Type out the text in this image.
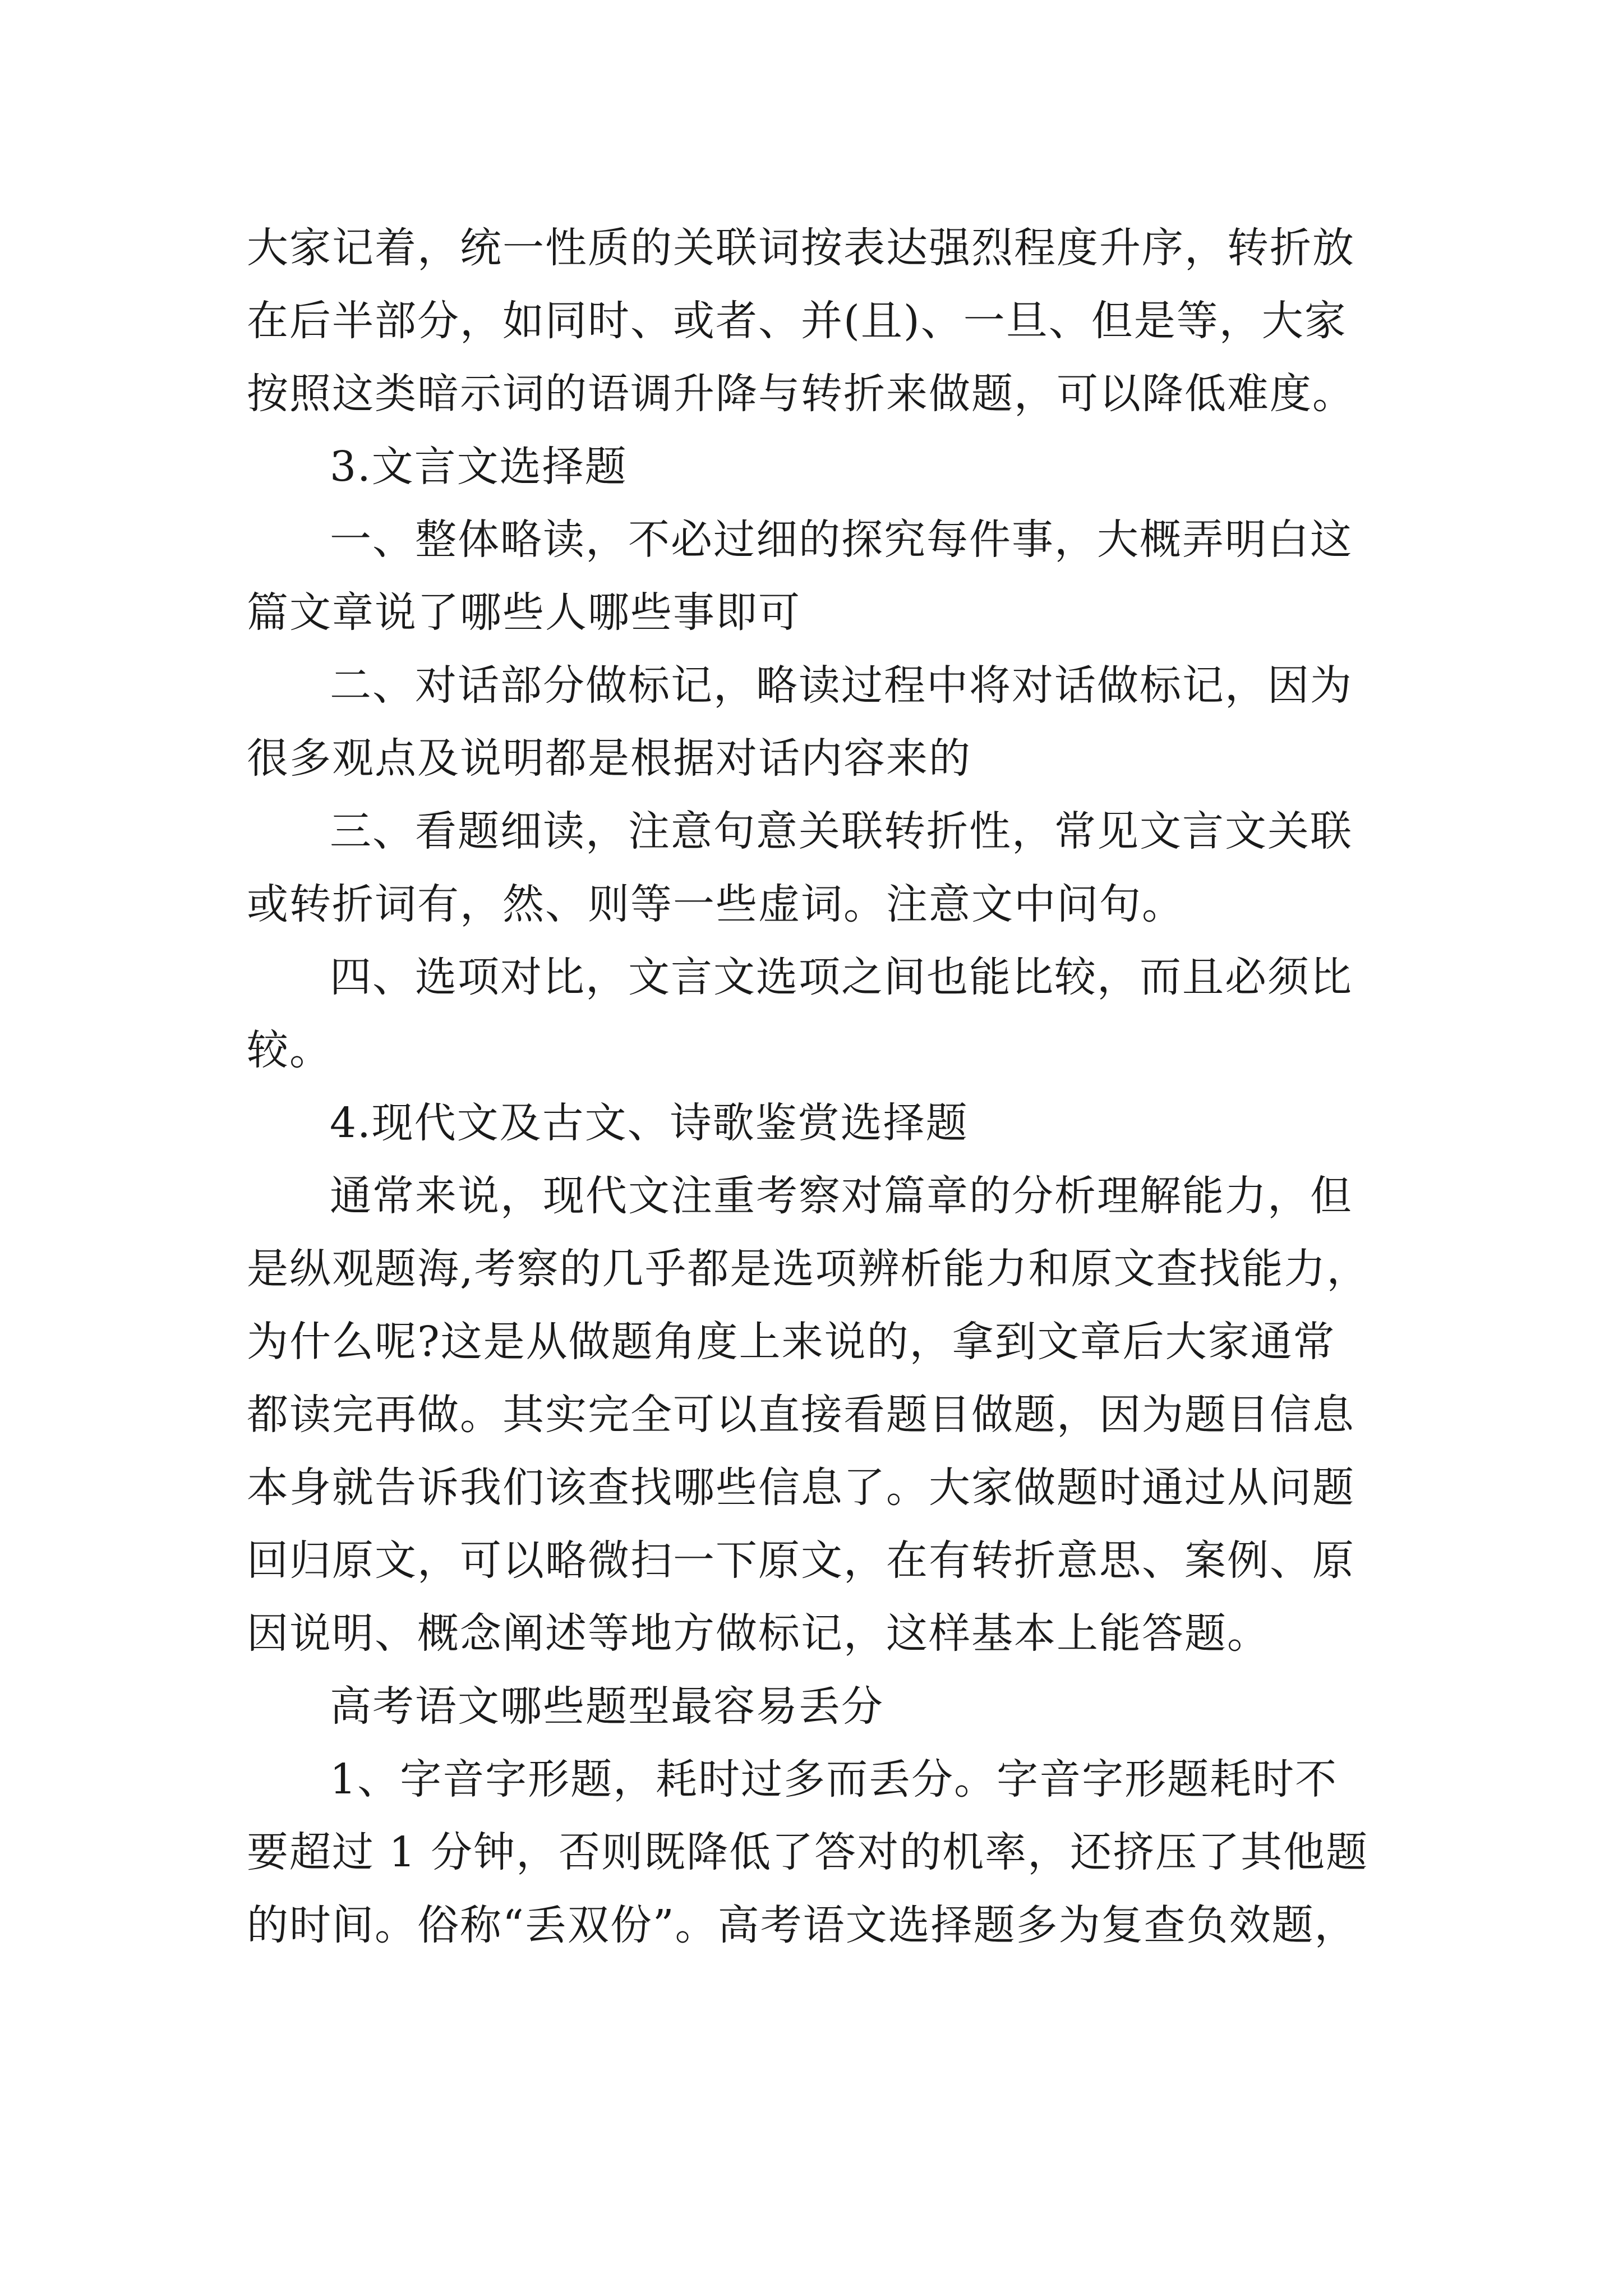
大家记着，统一性质的关联词按表达强烈程度升序，转折放
在后半部分，如同时、或者、并(且)、一旦、但是等，大家
按照这类暗示词的语调升降与转折来做题，可以降低难度。
3.文言文选择题
一、整体略读，不必过细的探究每件事，大概弄明白这
篇文章说了哪些人哪些事即可
二、对话部分做标记，略读过程中将对话做标记，因为
很多观点及说明都是根据对话内容来的
三、看题细读，注意句意关联转折性，常见文言文关联
或转折词有，然、则等一些虚词。注意文中问句。
四、选项对比，文言文选项之间也能比较，而且必须比
较。
4.现代文及古文、诗歌鉴赏选择题
通常来说，现代文注重考察对篇章的分析理解能力，但
是纵观题海,考察的几乎都是选项辨析能力和原文查找能力，
为什么呢?这是从做题角度上来说的，拿到文章后大家通常
都读完再做。其实完全可以直接看题目做题，因为题目信息
本身就告诉我们该查找哪些信息了。大家做题时通过从问题
回归原文，可以略微扫一下原文，在有转折意思、案例、原
因说明、概念阐述等地方做标记，这样基本上能答题。
高考语文哪些题型最容易丢分
1、字音字形题，耗时过多而丢分。字音字形题耗时不
要超过 1 分钟，否则既降低了答对的机率，还挤压了其他题
的时间。俗称“丢双份”。高考语文选择题多为复查负效题，
